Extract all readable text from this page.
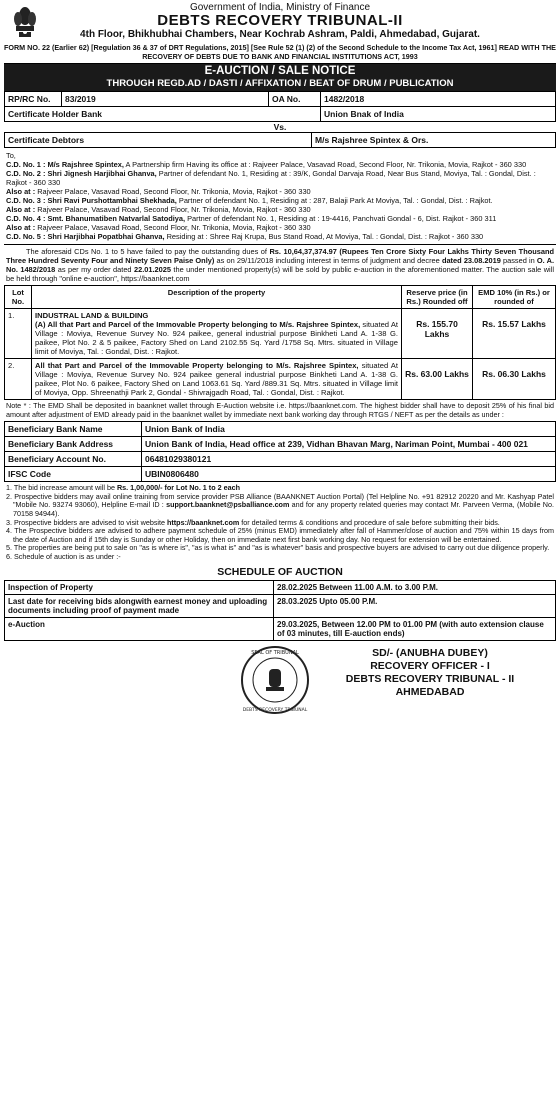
Government of India, Ministry of Finance
DEBTS RECOVERY TRIBUNAL-II
4th Floor, Bhikhubhai Chambers, Near Kochrab Ashram, Paldi, Ahmedabad, Gujarat.
FORM NO. 22 (Earlier 62) [Regulation 36 & 37 of DRT Regulations, 2015] [See Rule 52 (1) (2) of the Second Schedule to the Income Tax Act, 1961] READ WITH THE RECOVERY OF DEBTS DUE TO BANK AND FINANCIAL INSTITUTIONS ACT, 1993
E-AUCTION / SALE NOTICE
THROUGH REGD.AD / DASTI / AFFIXATION / BEAT OF DRUM / PUBLICATION
RP/RC No.	83/2019	OA No.	1482/2018
Certificate Holder Bank			Union Bnak of India
Vs.
Certificate Debtors	M/s Rajshree Spintex & Ors.
To,
C.D. No. 1 : M/s Rajshree Spintex, A Partnership firm Having its office at : Rajveer Palace, Vasavad Road, Second Floor, Nr. Trikonia, Movia, Rajkot - 360 330
C.D. No. 2 : Shri Jignesh Harjibhai Ghanva, Partner of defendant No. 1, Residing at : 39/K, Gondal Darvaja Road, Near Bus Stand, Moviya, Tal. : Gondal, Dist. : Rajkot - 360 330
Also at : Rajveer Palace, Vasavad Road, Second Floor, Nr. Trikonia, Movia, Rajkot - 360 330
C.D. No. 3 : Shri Ravi Purshottambhai Shekhada, Partner of defendant No. 1, Residing at : 287, Balaji Park At Moviya, Tal. : Gondal, Dist. : Rajkot.
Also at : Rajveer Palace, Vasavad Road, Second Floor, Nr. Trikonia, Movia, Rajkot - 360 330
C.D. No. 4 : Smt. Bhanumatiben Natvarlal Satodiya, Partner of defendant No. 1, Residing at : 19-4416, Panchvati Gondal - 6, Dist. Rajkot - 360 311
Also at : Rajveer Palace, Vasavad Road, Second Floor, Nr. Trikonia, Movia, Rajkot - 360 330
C.D. No. 5 : Shri Harjibhai Popatbhai Ghanva, Residing at : Shree Raj Krupa, Bus Stand Road, At Moviya, Tal. : Gondal, Dist. : Rajkot - 360 330
The aforesaid CDs No. 1 to 5 have failed to pay the outstanding dues of Rs. 10,64,37,374.97 (Rupees Ten Crore Sixty Four Lakhs Thirty Seven Thousand Three Hundred Seventy Four and Ninety Seven Paise Only) as on 29/11/2018 including interest in terms of judgment and decree dated 23.08.2019 passed in O. A. No. 1482/2018 as per my order dated 22.01.2025 the under mentioned property(s) will be sold by public e-auction in the aforementioned matter. The auction sale will be held through "online e-auction", https://baanknet.com
Lot No.	Description of the property	Reserve price (in Rs.) Rounded off	EMD 10% (in Rs.) or rounded of
1.	INDUSTRAL LAND & BUILDING
(A) All that Part and Parcel of the Immovable Property belonging to M/s. Rajshree Spintex, situated At Village : Moviya, Revenue Survey No. 924 paikee, general industrial purpose Binkheti Land A. 1-38 G. paikee, Plot No. 2 & 5 paikee, Factory Shed on Land 2102.55 Sq. Yard /1758 Sq. Mtrs. situated in Village limit of Moviya, Tal. : Gondal, Dist. : Rajkot.	Rs. 155.70 Lakhs	Rs. 15.57 Lakhs
2.	All that Part and Parcel of the Immovable Property belonging to M/s. Rajshree Spintex, situated At Village : Moviya, Revenue Survey No. 924 paikee general industrial purpose Binkheti Land A. 1-38 G. paikee, Plot No. 6 paikee, Factory Shed on Land 1063.61 Sq. Yard /889.31 Sq. Mtrs. situated in Village limit of Moviya, Opp. Shreenathji Park 2, Gondal - Shivrajgadh Road, Tal. : Gondal, Dist. : Rajkot.	Rs. 63.00 Lakhs	Rs. 06.30 Lakhs
Note * : The EMD Shall be deposited in baanknet wallet through E-Auction website i.e. https://baanknet.com. The highest bidder shall have to deposit 25% of his final bid amount after adjustment of EMD already paid in the baanknet wallet by immediate next bank working day through RTGS / NEFT as per the details as under :
Beneficiary Bank Name	Union Bank of India
Beneficiary Bank Address	Union Bank of India, Head office at 239, Vidhan Bhavan Marg, Nariman Point, Mumbai - 400 021
Beneficiary Account No.	06481029380121
IFSC Code	UBIN0806480
1. The bid increase amount will be Rs. 1,00,000/- for Lot No. 1 to 2 each
2. Prospective bidders may avail online training from service provider PSB Alliance (BAANKNET Auction Portal) (Tel Helpline No. +91 82912 20220 and Mr. Kashyap Patel "Mobile No. 93274 93060), Helpline E-mail ID : support.baanknet@psballiance.com and for any property related queries may contact Mr. Parveen Verma, (Mobile No. 70158 94944).
3. Prospective bidders are advised to visit website https://baanknet.com for detailed terms & conditions and procedure of sale before submitting their bids.
4. The Prospective bidders are advised to adhere payment schedule of 25% (minus EMD) immediately after fall of Hammer/close of auction and 75% within 15 days from the date of Auction and if 15th day is Sunday or other Holiday, then on immediate next first bank working day. No request for extension will be entertained.
5. The properties are being put to sale on "as is where is", "as is what is" and "as is whatever" basis and prospective buyers are advised to carry out due diligence properly.
6. Schedule of auction is as under :-
SCHEDULE OF AUCTION
Inspection of Property	28.02.2025 Between 11.00 A.M. to 3.00 P.M.
Last date for receiving bids alongwith earnest money and uploading documents including proof of payment made	28.03.2025 Upto 05.00 P.M.
e-Auction	29.03.2025, Between 12.00 PM to 01.00 PM (with auto extension clause of 03 minutes, till E-auction ends)
SEAL OF TRIBUNAL
DEBTS RECOVERY TRIBUNAL
SD/- (ANUBHA DUBEY)
RECOVERY OFFICER - I
DEBTS RECOVERY TRIBUNAL - II
AHMEDABAD
